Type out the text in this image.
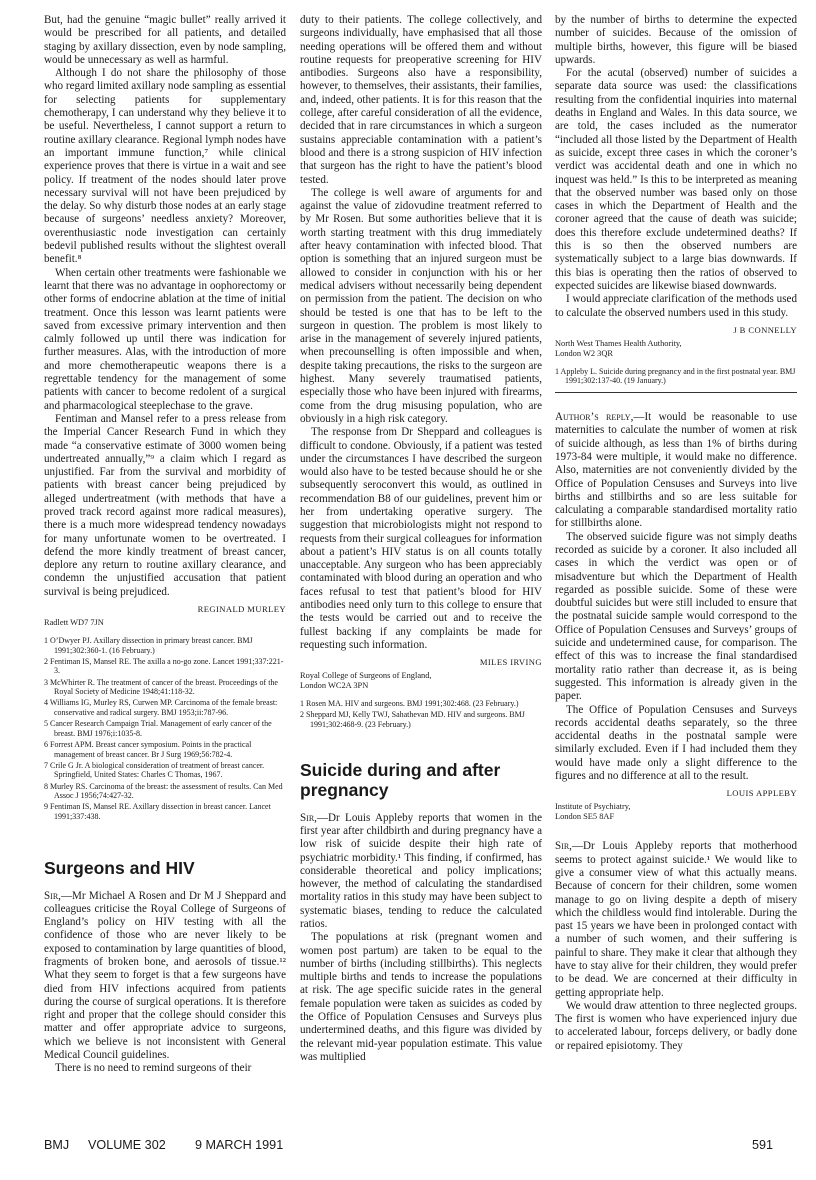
But, had the genuine “magic bullet” really arrived it would be prescribed for all patients, and detailed staging by axillary dissection, even by node sampling, would be unnecessary as well as harmful.

Although I do not share the philosophy of those who regard limited axillary node sampling as essential for selecting patients for supplementary chemotherapy, I can understand why they believe it to be useful. Nevertheless, I cannot support a return to routine axillary clearance. Regional lymph nodes have an important immune function,⁷ while clinical experience proves that there is virtue in a wait and see policy. If treatment of the nodes should later prove necessary survival will not have been prejudiced by the delay. So why disturb those nodes at an early stage because of surgeons’ needless anxiety? Moreover, overenthusiastic node investigation can certainly bedevil published results without the slightest overall benefit.⁸

When certain other treatments were fashionable we learnt that there was no advantage in oophorectomy or other forms of endocrine ablation at the time of initial treatment. Once this lesson was learnt patients were saved from excessive primary intervention and then calmly followed up until there was indication for further measures. Alas, with the introduction of more and more chemotherapeutic weapons there is a regrettable tendency for the management of some patients with cancer to become redolent of a surgical and pharmacological steeplechase to the grave.

Fentiman and Mansel refer to a press release from the Imperial Cancer Research Fund in which they made “a conservative estimate of 3000 women being undertreated annually,”⁹ a claim which I regard as unjustified. Far from the survival and morbidity of patients with breast cancer being prejudiced by alleged undertreatment (with methods that have a proved track record against more radical measures), there is a much more widespread tendency nowadays for many unfortunate women to be overtreated. I defend the more kindly treatment of breast cancer, deplore any return to routine axillary clearance, and condemn the unjustified accusation that patient survival is being prejudiced.

REGINALD MURLEY
Radlett WD7 7JN
1 O’Dwyer PJ. Axillary dissection in primary breast cancer. BMJ 1991;302:360-1. (16 February.)
2 Fentiman IS, Mansel RE. The axilla a no-go zone. Lancet 1991;337:221-3.
3 McWhirter R. The treatment of cancer of the breast. Proceedings of the Royal Society of Medicine 1948;41:118-32.
4 Williams IG, Murley RS, Curwen MP. Carcinoma of the female breast: conservative and radical surgery. BMJ 1953;ii:787-96.
5 Cancer Research Campaign Trial. Management of early cancer of the breast. BMJ 1976;i:1035-8.
6 Forrest APM. Breast cancer symposium. Points in the practical management of breast cancer. Br J Surg 1969;56:782-4.
7 Crile G Jr. A biological consideration of treatment of breast cancer. Springfield, United States: Charles C Thomas, 1967.
8 Murley RS. Carcinoma of the breast: the assessment of results. Can Med Assoc J 1956;74:427-32.
9 Fentiman IS, Mansel RE. Axillary dissection in breast cancer. Lancet 1991;337:438.
Surgeons and HIV

Sir,—Mr Michael A Rosen and Dr M J Sheppard and colleagues criticise the Royal College of Surgeons of England’s policy on HIV testing with all the confidence of those who are never likely to be exposed to contamination by large quantities of blood, fragments of broken bone, and aerosols of tissue.¹² What they seem to forget is that a few surgeons have died from HIV infections acquired from patients during the course of surgical operations. It is therefore right and proper that the college should consider this matter and offer appropriate advice to surgeons, which we believe is not inconsistent with General Medical Council guidelines.

There is no need to remind surgeons of their

duty to their patients. The college collectively, and surgeons individually, have emphasised that all those needing operations will be offered them and without routine requests for preoperative screening for HIV antibodies. Surgeons also have a responsibility, however, to themselves, their assistants, their families, and, indeed, other patients. It is for this reason that the college, after careful consideration of all the evidence, decided that in rare circumstances in which a surgeon sustains appreciable contamination with a patient’s blood and there is a strong suspicion of HIV infection that surgeon has the right to have the patient’s blood tested.

The college is well aware of arguments for and against the value of zidovudine treatment referred to by Mr Rosen. But some authorities believe that it is worth starting treatment with this drug immediately after heavy contamination with infected blood. That option is something that an injured surgeon must be allowed to consider in conjunction with his or her medical advisers without necessarily being dependent on permission from the patient. The decision on who should be tested is one that has to be left to the surgeon in question. The problem is most likely to arise in the management of severely injured patients, when precounselling is often impossible and when, despite taking precautions, the risks to the surgeon are highest. Many severely traumatised patients, especially those who have been injured with firearms, come from the drug misusing population, who are obviously in a high risk category.

The response from Dr Sheppard and colleagues is difficult to condone. Obviously, if a patient was tested under the circumstances I have described the surgeon would also have to be tested because should he or she subsequently seroconvert this would, as outlined in recommendation B8 of our guidelines, prevent him or her from undertaking operative surgery. The suggestion that microbiologists might not respond to requests from their surgical colleagues for information about a patient’s HIV status is on all counts totally unacceptable. Any surgeon who has been appreciably contaminated with blood during an operation and who faces refusal to test that patient’s blood for HIV antibodies need only turn to this college to ensure that the tests would be carried out and to receive the fullest backing if any complaints be made for requesting such information.

MILES IRVING
Royal College of Surgeons of England,
London WC2A 3PN
1 Rosen MA. HIV and surgeons. BMJ 1991;302:468. (23 February.)
2 Sheppard MJ, Kelly TWJ, Sahathevan MD. HIV and surgeons. BMJ 1991;302:468-9. (23 February.)
Suicide during and after pregnancy

Sir,—Dr Louis Appleby reports that women in the first year after childbirth and during pregnancy have a low risk of suicide despite their high rate of psychiatric morbidity.¹ This finding, if confirmed, has considerable theoretical and policy implications; however, the method of calculating the standardised mortality ratios in this study may have been subject to systematic biases, tending to reduce the calculated ratios.

The populations at risk (pregnant women and women post partum) are taken to be equal to the number of births (including stillbirths). This neglects multiple births and tends to increase the populations at risk. The age specific suicide rates in the general female population were taken as suicides as coded by the Office of Population Censuses and Surveys plus undertermined deaths, and this figure was divided by the relevant mid-year population estimate. This value was multiplied

by the number of births to determine the expected number of suicides. Because of the omission of multiple births, however, this figure will be biased upwards.

For the acutal (observed) number of suicides a separate data source was used: the classifications resulting from the confidential inquiries into maternal deaths in England and Wales. In this data source, we are told, the cases included as the numerator “included all those listed by the Department of Health as suicide, except three cases in which the coroner’s verdict was accidental death and one in which no inquest was held.” Is this to be interpreted as meaning that the observed number was based only on those cases in which the Department of Health and the coroner agreed that the cause of death was suicide; does this therefore exclude undetermined deaths? If this is so then the observed numbers are systematically subject to a large bias downwards. If this bias is operating then the ratios of observed to expected suicides are likewise biased downwards.

I would appreciate clarification of the methods used to calculate the observed numbers used in this study.

J B CONNELLY
North West Thames Health Authority,
London W2 3QR
1 Appleby L. Suicide during pregnancy and in the first postnatal year. BMJ 1991;302:137-40. (19 January.)

Author’s reply,—It would be reasonable to use maternities to calculate the number of women at risk of suicide although, as less than 1% of births during 1973-84 were multiple, it would make no difference. Also, maternities are not conveniently divided by the Office of Population Censuses and Surveys into live births and stillbirths and so are less suitable for calculating a comparable standardised mortality ratio for stillbirths alone.

The observed suicide figure was not simply deaths recorded as suicide by a coroner. It also included all cases in which the verdict was open or of misadventure but which the Department of Health regarded as possible suicide. Some of these were doubtful suicides but were still included to ensure that the postnatal suicide sample would correspond to the Office of Population Censuses and Surveys’ groups of suicide and undetermined cause, for comparison. The effect of this was to increase the final standardised mortality ratio rather than decrease it, as is being suggested. This information is already given in the paper.

The Office of Population Censuses and Surveys records accidental deaths separately, so the three accidental deaths in the postnatal sample were similarly excluded. Even if I had included them they would have made only a slight difference to the figures and no difference at all to the result.

LOUIS APPLEBY
Institute of Psychiatry,
London SE5 8AF

Sir,—Dr Louis Appleby reports that motherhood seems to protect against suicide.¹ We would like to give a consumer view of what this actually means. Because of concern for their children, some women manage to go on living despite a depth of misery which the childless would find intolerable. During the past 15 years we have been in prolonged contact with a number of such women, and their suffering is painful to share. They make it clear that although they have to stay alive for their children, they would prefer to be dead. We are concerned at their difficulty in getting appropriate help.

We would draw attention to three neglected groups. The first is women who have experienced injury due to accelerated labour, forceps delivery, or badly done or repaired episiotomy. They

BMJ VOLUME 302 9 MARCH 1991	591
